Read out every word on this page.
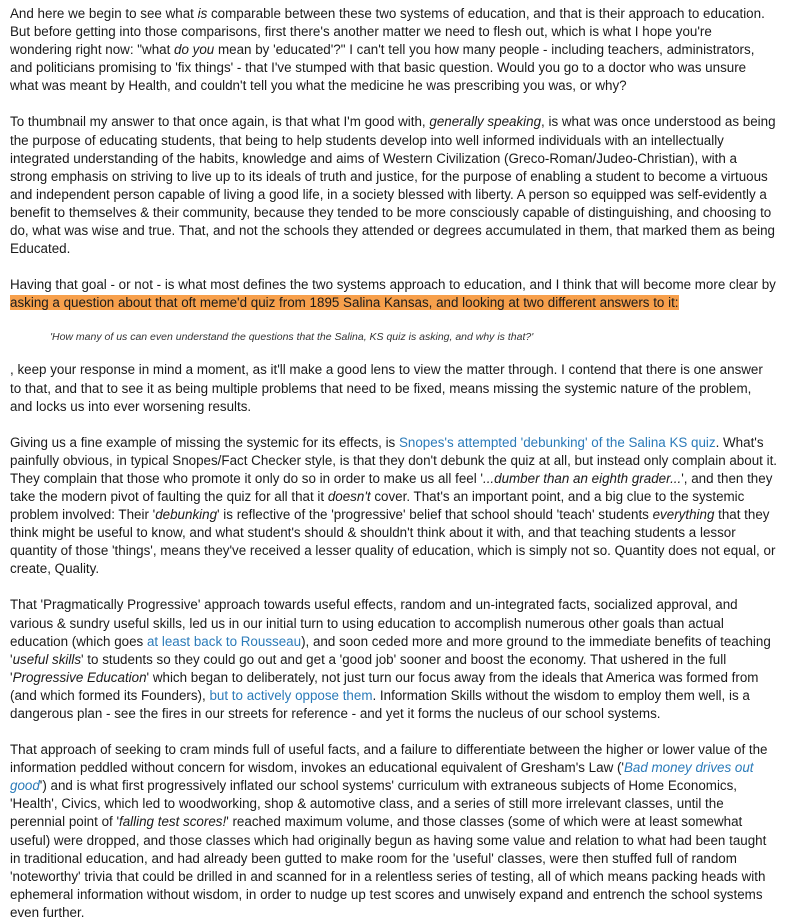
And here we begin to see what is comparable between these two systems of education, and that is their approach to education. But before getting into those comparisons, first there's another matter we need to flesh out, which is what I hope you're wondering right now: "what do you mean by 'educated'?" I can't tell you how many people - including teachers, administrators, and politicians promising to 'fix things' - that I've stumped with that basic question. Would you go to a doctor who was unsure what was meant by Health, and couldn't tell you what the medicine he was prescribing you was, or why?

To thumbnail my answer to that once again, is that what I'm good with, generally speaking, is what was once understood as being the purpose of educating students, that being to help students develop into well informed individuals with an intellectually integrated understanding of the habits, knowledge and aims of Western Civilization (Greco-Roman/Judeo-Christian), with a strong emphasis on striving to live up to its ideals of truth and justice, for the purpose of enabling a student to become a virtuous and independent person capable of living a good life, in a society blessed with liberty. A person so equipped was self-evidently a benefit to themselves & their community, because they tended to be more consciously capable of distinguishing, and choosing to do, what was wise and true. That, and not the schools they attended or degrees accumulated in them, that marked them as being Educated.

Having that goal - or not - is what most defines the two systems approach to education, and I think that will become more clear by asking a question about that oft meme'd quiz from 1895 Salina Kansas, and looking at two different answers to it:

'How many of us can even understand the questions that the Salina, KS quiz is asking, and why is that?'

, keep your response in mind a moment, as it'll make a good lens to view the matter through. I contend that there is one answer to that, and that to see it as being multiple problems that need to be fixed, means missing the systemic nature of the problem, and locks us into ever worsening results.

Giving us a fine example of missing the systemic for its effects, is Snopes's attempted 'debunking' of the Salina KS quiz. What's painfully obvious, in typical Snopes/Fact Checker style, is that they don't debunk the quiz at all, but instead only complain about it. They complain that those who promote it only do so in order to make us all feel '...dumber than an eighth grader...', and then they take the modern pivot of faulting the quiz for all that it doesn't cover. That's an important point, and a big clue to the systemic problem involved: Their 'debunking' is reflective of the 'progressive' belief that school should 'teach' students everything that they think might be useful to know, and what student's should & shouldn't think about it with, and that teaching students a lessor quantity of those 'things', means they've received a lesser quality of education, which is simply not so. Quantity does not equal, or create, Quality.

That 'Pragmatically Progressive' approach towards useful effects, random and un-integrated facts, socialized approval, and various & sundry useful skills, led us in our initial turn to using education to accomplish numerous other goals than actual education (which goes at least back to Rousseau), and soon ceded more and more ground to the immediate benefits of teaching 'useful skills' to students so they could go out and get a 'good job' sooner and boost the economy. That ushered in the full 'Progressive Education' which began to deliberately, not just turn our focus away from the ideals that America was formed from (and which formed its Founders), but to actively oppose them. Information Skills without the wisdom to employ them well, is a dangerous plan - see the fires in our streets for reference - and yet it forms the nucleus of our school systems.

That approach of seeking to cram minds full of useful facts, and a failure to differentiate between the higher or lower value of the information peddled without concern for wisdom, invokes an educational equivalent of Gresham's Law ('Bad money drives out good') and is what first progressively inflated our school systems' curriculum with extraneous subjects of Home Economics, 'Health', Civics, which led to woodworking, shop & automotive class, and a series of still more irrelevant classes, until the perennial point of 'falling test scores!' reached maximum volume, and those classes (some of which were at least somewhat useful) were dropped, and those classes which had originally begun as having some value and relation to what had been taught in traditional education, and had already been gutted to make room for the 'useful' classes, were then stuffed full of random 'noteworthy' trivia that could be drilled in and scanned for in a relentless series of testing, all of which means packing heads with ephemeral information without wisdom, in order to nudge up test scores and unwisely expand and entrench the school systems even further.
